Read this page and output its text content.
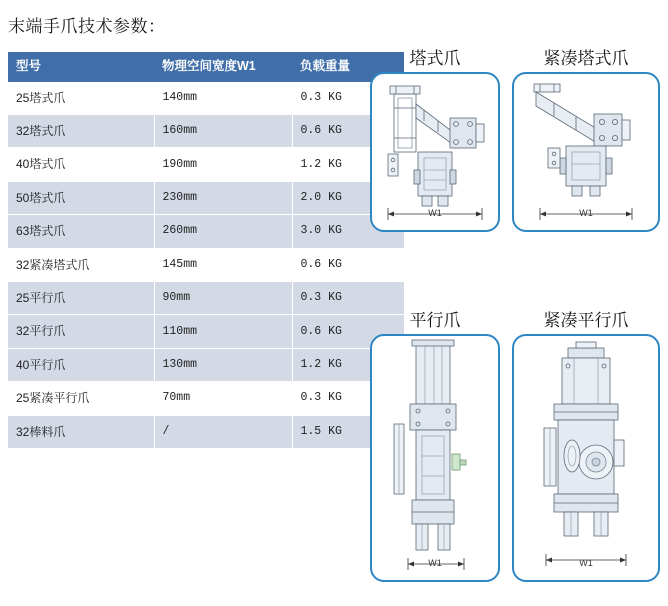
末端手爪技术参数：
型号	物理空间宽度W1	负载重量
25塔式爪	140mm	0.3 KG
32塔式爪	160mm	0.6 KG
40塔式爪	190mm	1.2 KG
50塔式爪	230mm	2.0 KG
63塔式爪	260mm	3.0 KG
32紧凑塔式爪	145mm	0.6 KG
25平行爪	90mm	0.3 KG
32平行爪	110mm	0.6 KG
40平行爪	130mm	1.2 KG
25紧凑平行爪	70mm	0.3 KG
32棒料爪	/	1.5 KG
塔式爪
W1
紧凑塔式爪
W1
平行爪
W1
紧凑平行爪
W1
